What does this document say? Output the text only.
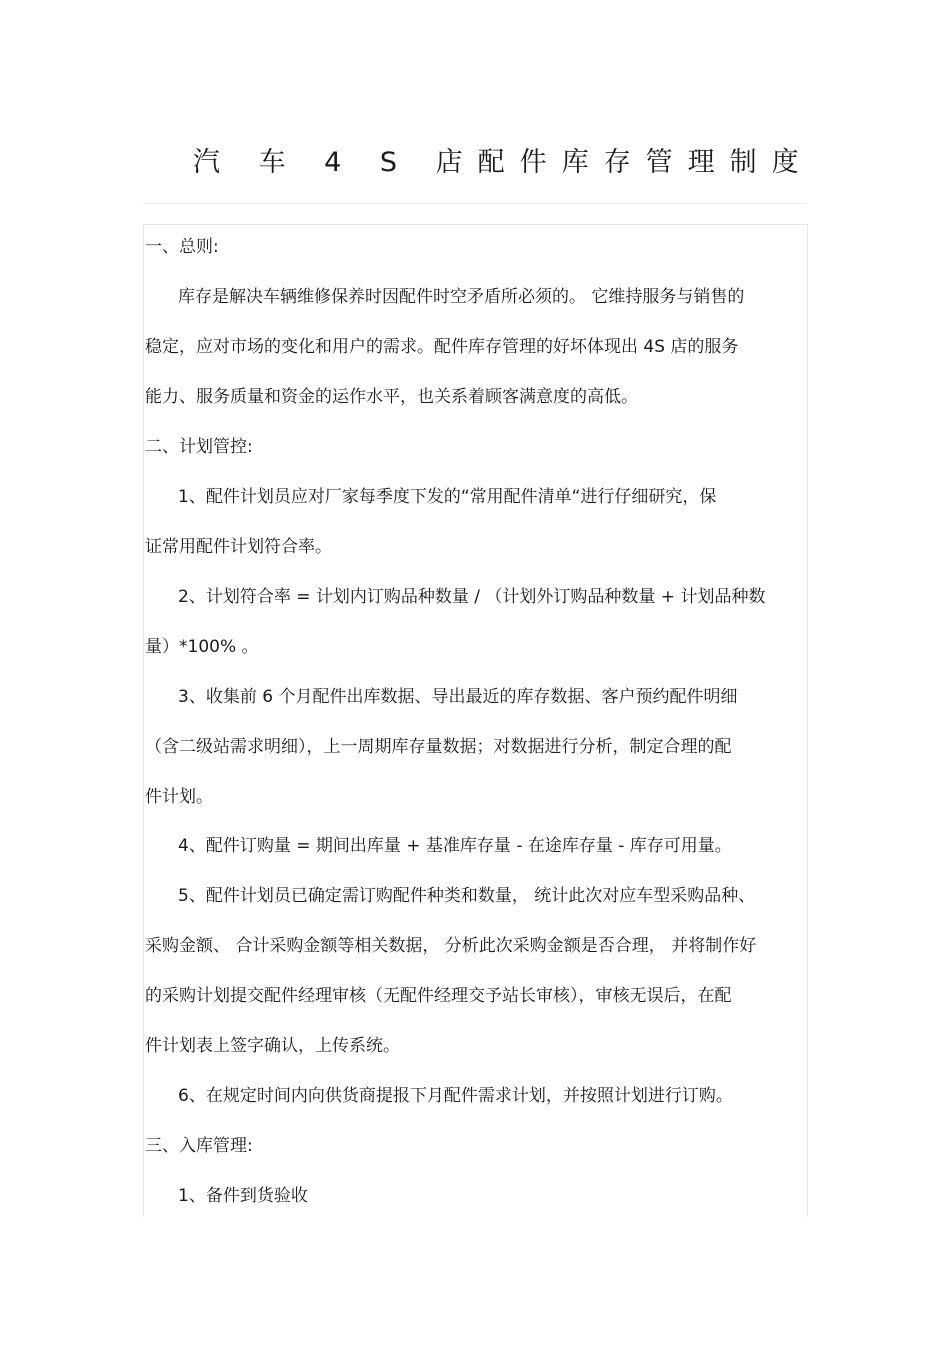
汽 车 4 S 店配件库存管理制度
一、总则:
库存是解决车辆维修保养时因配件时空矛盾所必须的。 它维持服务与销售的
稳定，应对市场的变化和用户的需求。配件库存管理的好坏体现出 4S 店的服务
能力、服务质量和资金的运作水平，也关系着顾客满意度的高低。
二、计划管控:
1、配件计划员应对厂家每季度下发的“常用配件清单“进行仔细研究，保
证常用配件计划符合率。
2、计划符合率 = 计划内订购品种数量 / （计划外订购品种数量 + 计划品种数
量）*100% 。
3、收集前 6 个月配件出库数据、导出最近的库存数据、客户预约配件明细
（含二级站需求明细），上一周期库存量数据；对数据进行分析，制定合理的配
件计划。
4、配件订购量 = 期间出库量 + 基准库存量 - 在途库存量 - 库存可用量。
5、配件计划员已确定需订购配件种类和数量， 统计此次对应车型采购品种、
采购金额、 合计采购金额等相关数据， 分析此次采购金额是否合理， 并将制作好
的采购计划提交配件经理审核（无配件经理交予站长审核），审核无误后，在配
件计划表上签字确认，上传系统。
6、在规定时间内向供货商提报下月配件需求计划，并按照计划进行订购。
三、入库管理:
1、备件到货验收
